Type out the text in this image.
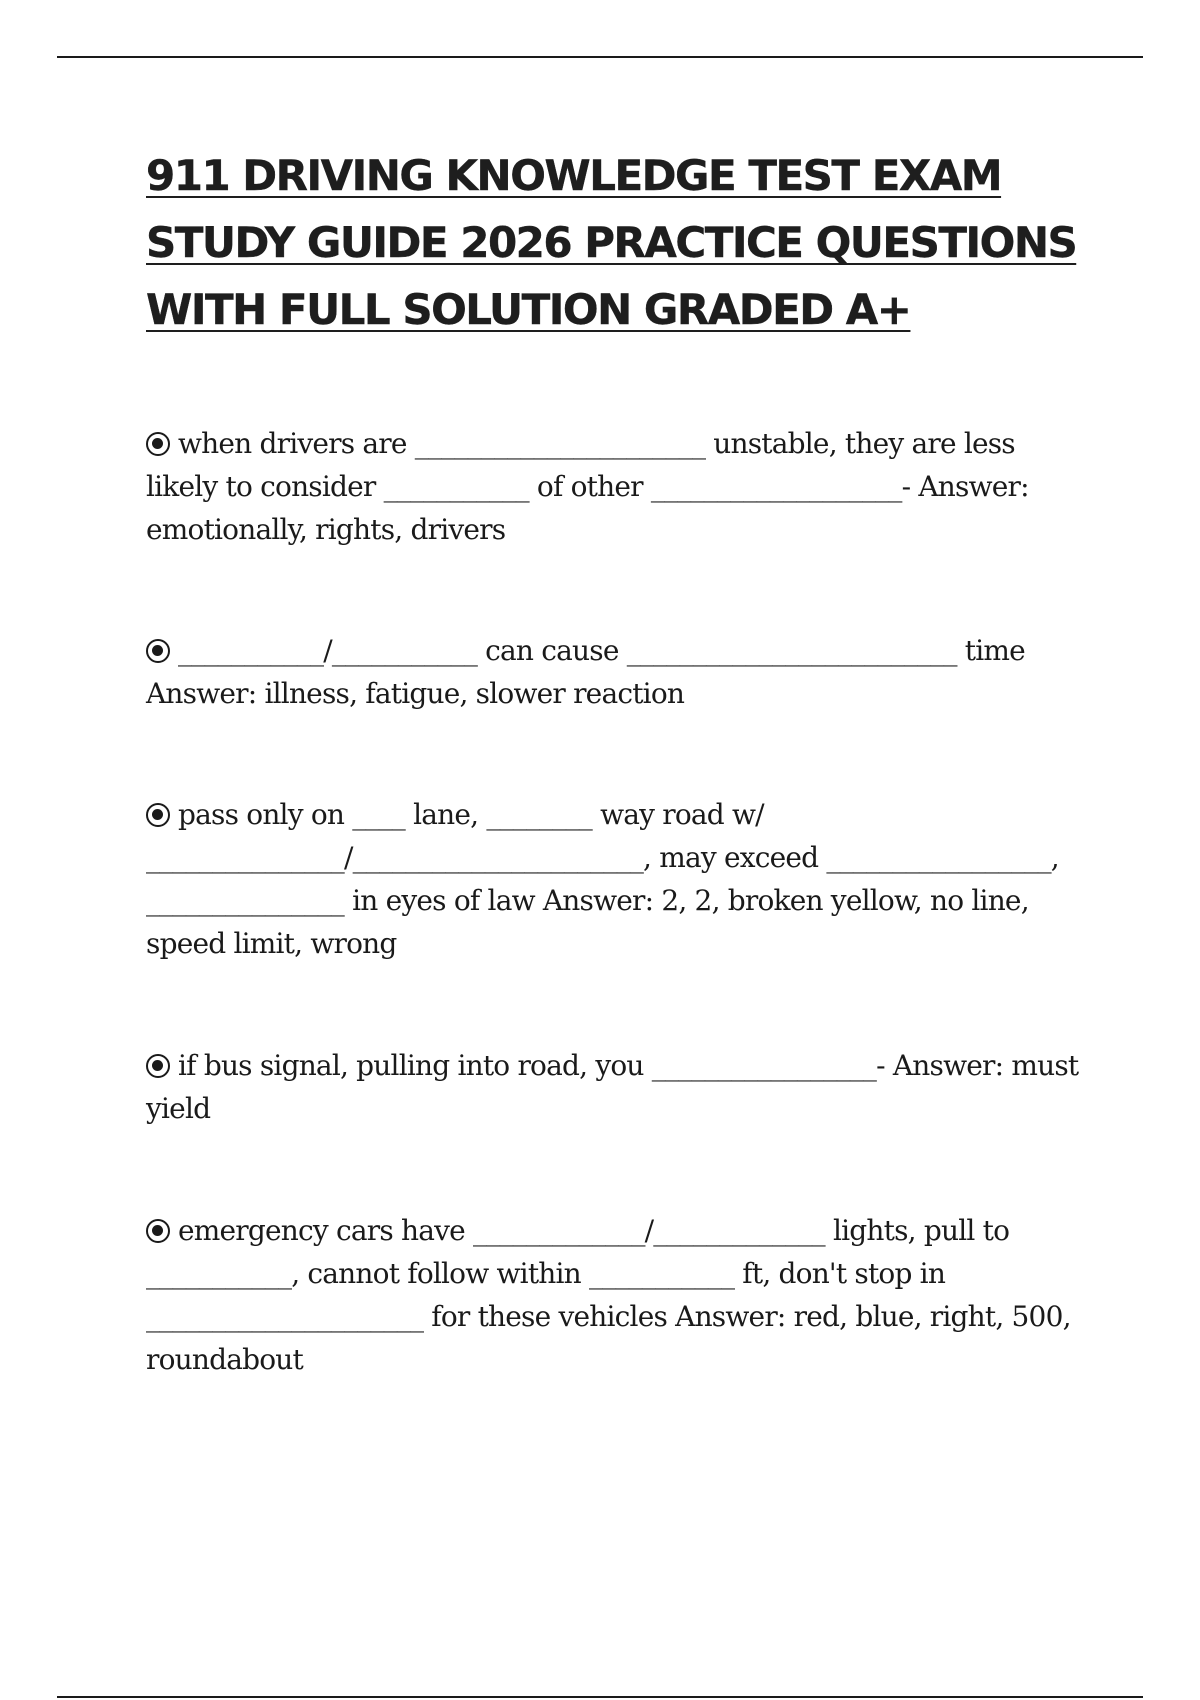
911 DRIVING KNOWLEDGE TEST EXAM STUDY GUIDE 2026 PRACTICE QUESTIONS WITH FULL SOLUTION GRADED A+

when drivers are ______________________ unstable, they are less likely to consider ___________ of other ___________________- Answer: emotionally, rights, drivers

___________/___________ can cause _________________________ time Answer: illness, fatigue, slower reaction

pass only on ____ lane, ________ way road w/ _______________/______________________, may exceed _________________, _______________ in eyes of law Answer: 2, 2, broken yellow, no line, speed limit, wrong

if bus signal, pulling into road, you _________________- Answer: must yield

emergency cars have _____________/_____________ lights, pull to ___________, cannot follow within ___________ ft, don't stop in _____________________ for these vehicles Answer: red, blue, right, 500, roundabout
